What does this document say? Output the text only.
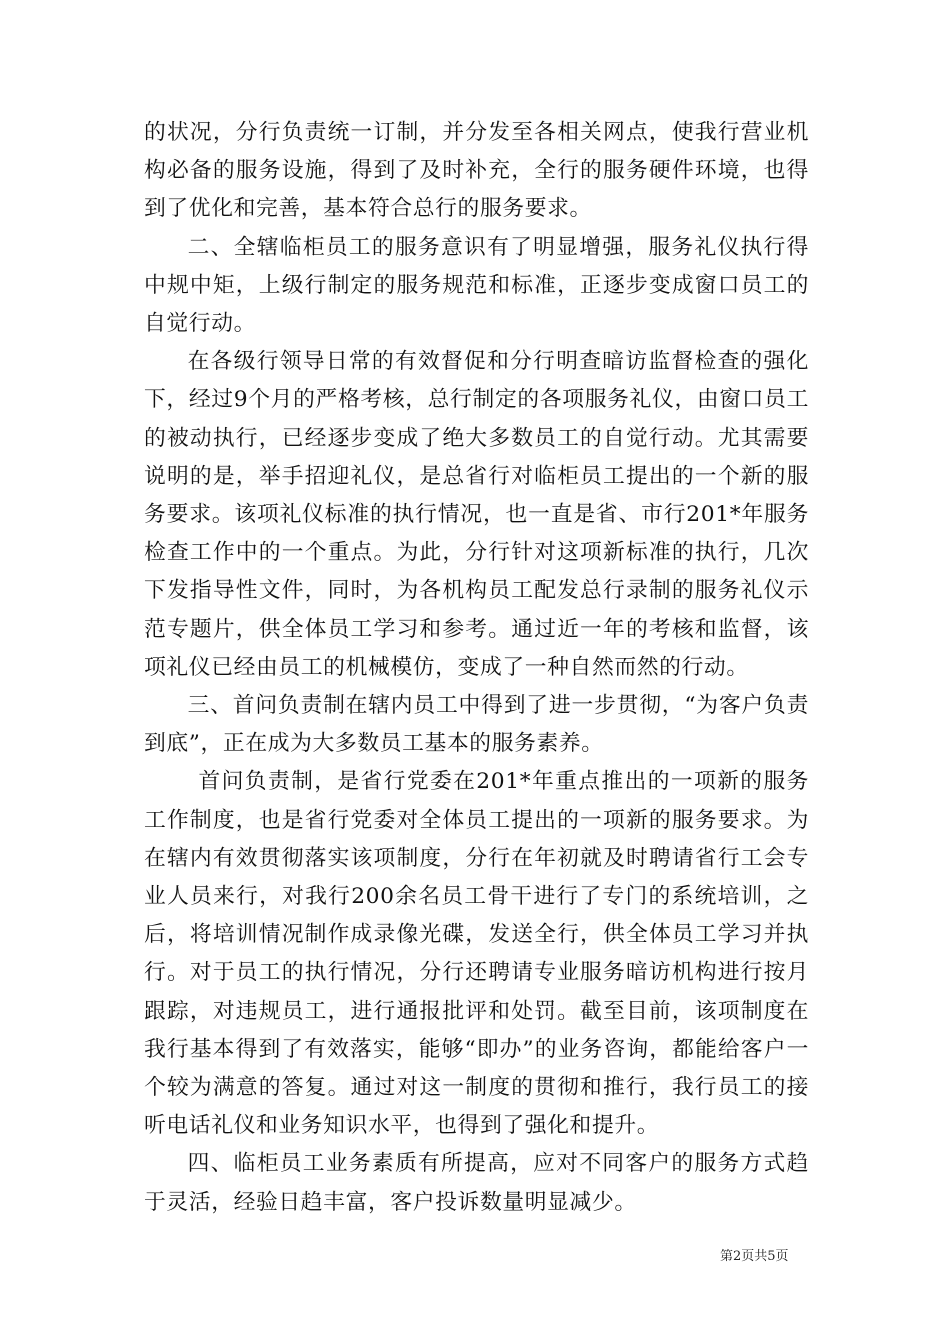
的状况，分行负责统一订制，并分发至各相关网点，使我行营业机构必备的服务设施，得到了及时补充，全行的服务硬件环境，也得到了优化和完善，基本符合总行的服务要求。

二、全辖临柜员工的服务意识有了明显增强，服务礼仪执行得中规中矩，上级行制定的服务规范和标准，正逐步变成窗口员工的自觉行动。

在各级行领导日常的有效督促和分行明查暗访监督检查的强化下，经过9个月的严格考核，总行制定的各项服务礼仪，由窗口员工的被动执行，已经逐步变成了绝大多数员工的自觉行动。尤其需要说明的是，举手招迎礼仪，是总省行对临柜员工提出的一个新的服务要求。该项礼仪标准的执行情况，也一直是省、市行201*年服务检查工作中的一个重点。为此，分行针对这项新标准的执行，几次下发指导性文件，同时，为各机构员工配发总行录制的服务礼仪示范专题片，供全体员工学习和参考。通过近一年的考核和监督，该项礼仪已经由员工的机械模仿，变成了一种自然而然的行动。

三、首问负责制在辖内员工中得到了进一步贯彻，“为客户负责到底”，正在成为大多数员工基本的服务素养。

首问负责制，是省行党委在201*年重点推出的一项新的服务工作制度，也是省行党委对全体员工提出的一项新的服务要求。为在辖内有效贯彻落实该项制度，分行在年初就及时聘请省行工会专业人员来行，对我行200余名员工骨干进行了专门的系统培训，之后，将培训情况制作成录像光碟，发送全行，供全体员工学习并执行。对于员工的执行情况，分行还聘请专业服务暗访机构进行按月跟踪，对违规员工，进行通报批评和处罚。截至目前，该项制度在我行基本得到了有效落实，能够“即办”的业务咨询，都能给客户一个较为满意的答复。通过对这一制度的贯彻和推行，我行员工的接听电话礼仪和业务知识水平，也得到了强化和提升。

四、临柜员工业务素质有所提高，应对不同客户的服务方式趋于灵活，经验日趋丰富，客户投诉数量明显减少。

第2页共5页
